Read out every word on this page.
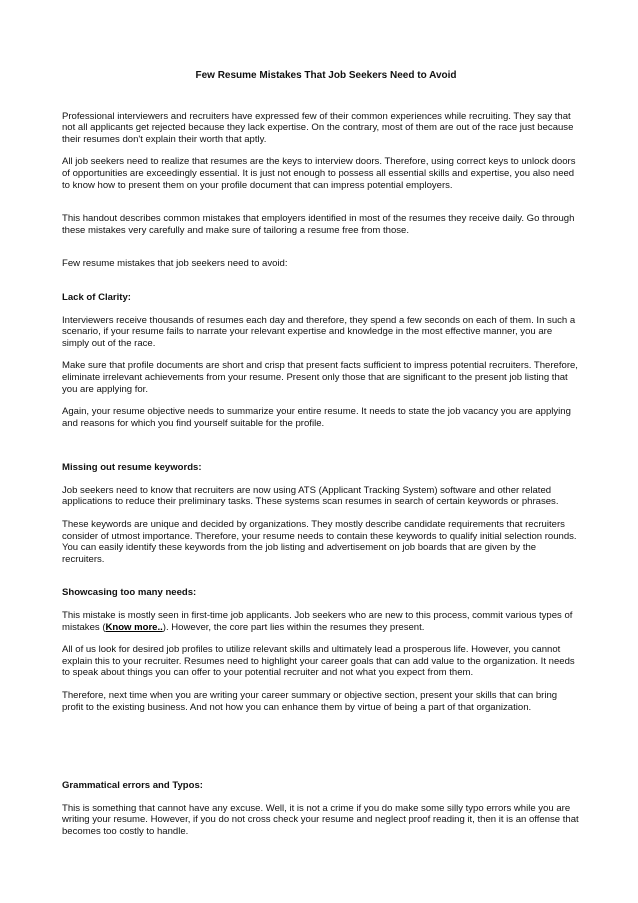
Few Resume Mistakes That Job Seekers Need to Avoid

Professional interviewers and recruiters have expressed few of their common experiences while recruiting. They say that not all applicants get rejected because they lack expertise. On the contrary, most of them are out of the race just because their resumes don't explain their worth that aptly.

All job seekers need to realize that resumes are the keys to interview doors. Therefore, using correct keys to unlock doors of opportunities are exceedingly essential. It is just not enough to possess all essential skills and expertise, you also need to know how to present them on your profile document that can impress potential employers.

This handout describes common mistakes that employers identified in most of the resumes they receive daily. Go through these mistakes very carefully and make sure of tailoring a resume free from those.

Few resume mistakes that job seekers need to avoid:

Lack of Clarity:

Interviewers receive thousands of resumes each day and therefore, they spend a few seconds on each of them. In such a scenario, if your resume fails to narrate your relevant expertise and knowledge in the most effective manner, you are simply out of the race.

Make sure that profile documents are short and crisp that present facts sufficient to impress potential recruiters. Therefore, eliminate irrelevant achievements from your resume. Present only those that are significant to the present job listing that you are applying for.

Again, your resume objective needs to summarize your entire resume. It needs to state the job vacancy you are applying and reasons for which you find yourself suitable for the profile.

Missing out resume keywords:

Job seekers need to know that recruiters are now using ATS (Applicant Tracking System) software and other related applications to reduce their preliminary tasks. These systems scan resumes in search of certain keywords or phrases.

These keywords are unique and decided by organizations. They mostly describe candidate requirements that recruiters consider of utmost importance. Therefore, your resume needs to contain these keywords to qualify initial selection rounds. You can easily identify these keywords from the job listing and advertisement on job boards that are given by the recruiters.

Showcasing too many needs:

This mistake is mostly seen in first-time job applicants. Job seekers who are new to this process, commit various types of mistakes (Know more..). However, the core part lies within the resumes they present.

All of us look for desired job profiles to utilize relevant skills and ultimately lead a prosperous life. However, you cannot explain this to your recruiter. Resumes need to highlight your career goals that can add value to the organization. It needs to speak about things you can offer to your potential recruiter and not what you expect from them.

Therefore, next time when you are writing your career summary or objective section, present your skills that can bring profit to the existing business. And not how you can enhance them by virtue of being a part of that organization.

Grammatical errors and Typos:

This is something that cannot have any excuse. Well, it is not a crime if you do make some silly typo errors while you are writing your resume. However, if you do not cross check your resume and neglect proof reading it, then it is an offense that becomes too costly to handle.
